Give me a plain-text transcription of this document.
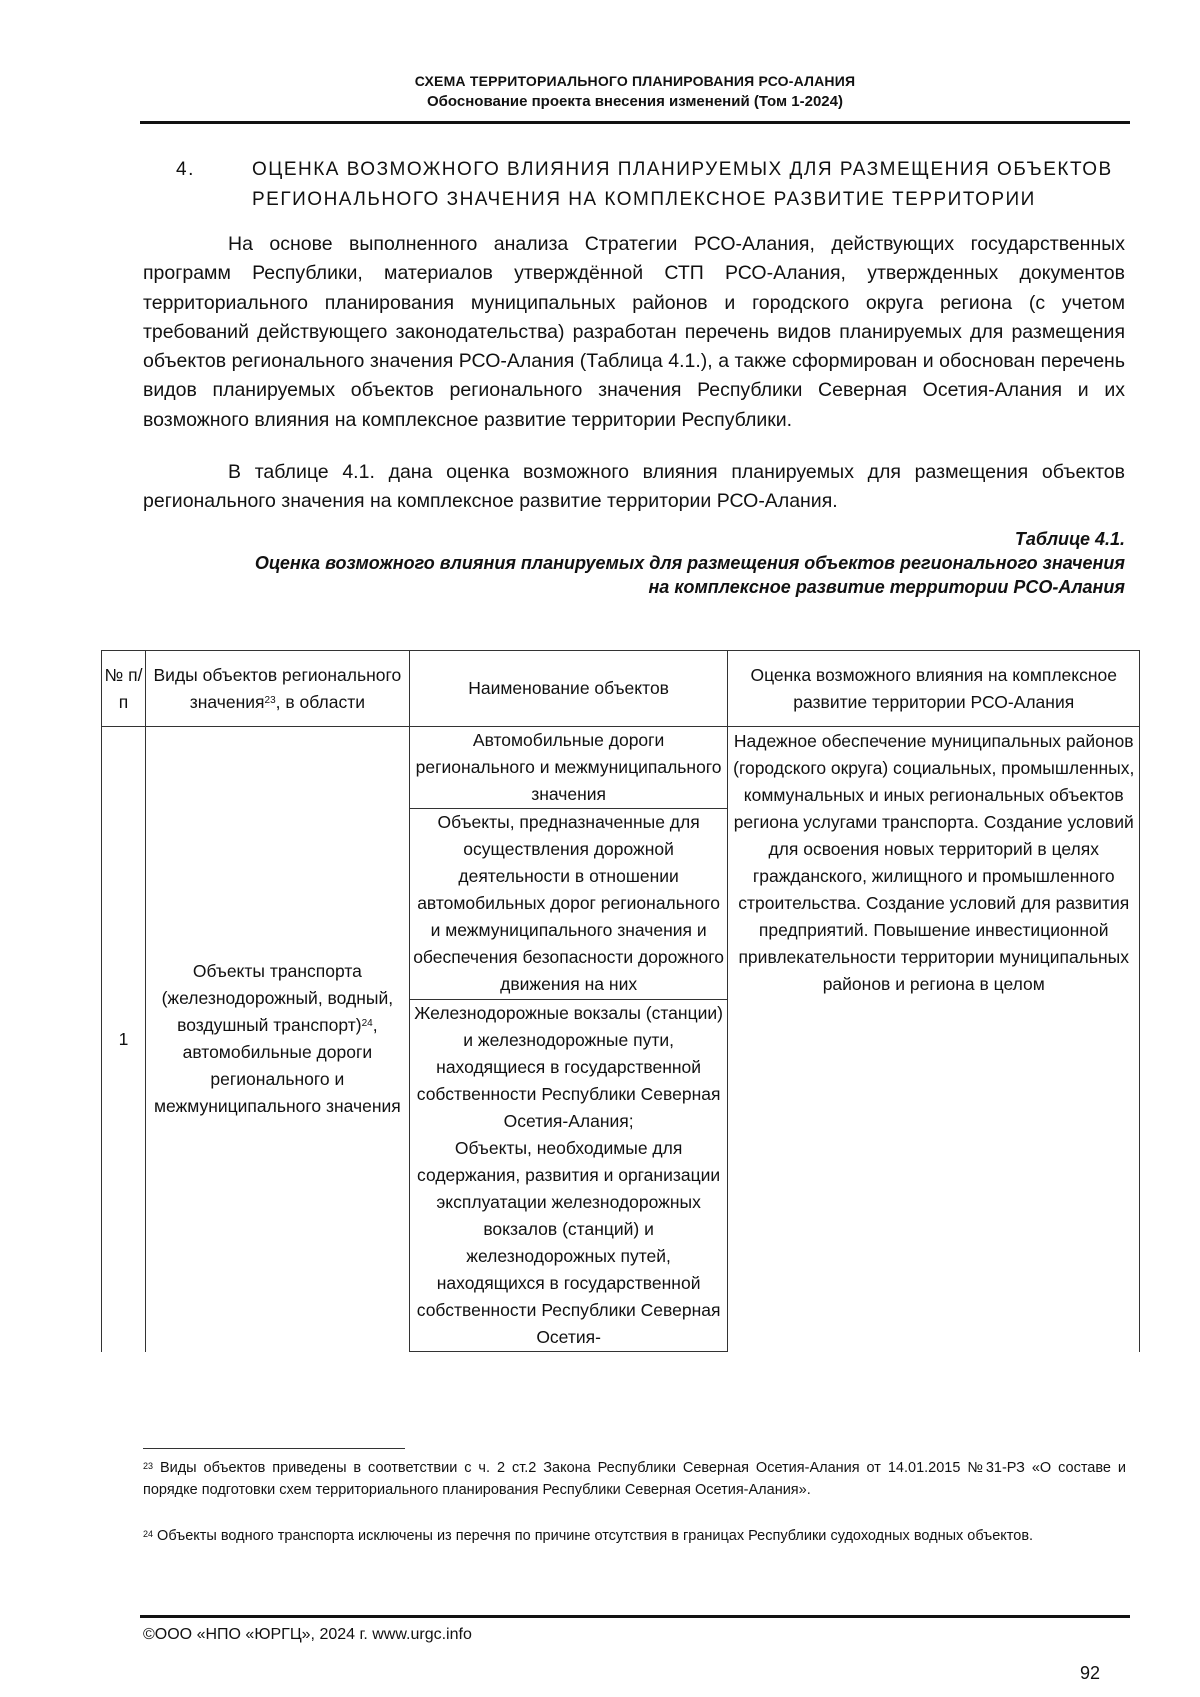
СХЕМА ТЕРРИТОРИАЛЬНОГО ПЛАНИРОВАНИЯ РСО-АЛАНИЯ
Обоснование проекта внесения изменений (Том 1-2024)
4.	ОЦЕНКА ВОЗМОЖНОГО ВЛИЯНИЯ ПЛАНИРУЕМЫХ ДЛЯ РАЗМЕЩЕНИЯ ОБЪЕКТОВ РЕГИОНАЛЬНОГО ЗНАЧЕНИЯ НА КОМПЛЕКСНОЕ РАЗВИТИЕ ТЕРРИТОРИИ

На основе выполненного анализа Стратегии РСО-Алания, действующих государственных программ Республики, материалов утверждённой СТП РСО-Алания, утвержденных документов территориального планирования муниципальных районов и городского округа региона (с учетом требований действующего законодательства) разработан перечень видов планируемых для размещения объектов регионального значения РСО-Алания (Таблица 4.1.), а также сформирован и обоснован перечень видов планируемых объектов регионального значения Республики Северная Осетия-Алания и их возможного влияния на комплексное развитие территории Республики.

В таблице 4.1. дана оценка возможного влияния планируемых для размещения объектов регионального значения на комплексное развитие территории РСО-Алания.

Таблице 4.1.
Оценка возможного влияния планируемых для размещения объектов регионального значения
на комплексное развитие территории РСО-Алания
№ п/п	Виды объектов регионального значения$^{23}$, в области	Наименование объектов	Оценка возможного влияния на комплексное развитие территории РСО-Алания
1	Объекты транспорта (железнодорожный, водный, воздушный транспорт)$^{24}$, автомобильные дороги регионального и межмуниципального значения	Автомобильные дороги регионального и межмуниципального значения	Надежное обеспечение муниципальных районов (городского округа) социальных, промышленных, коммунальных и иных региональных объектов региона услугами транспорта. Создание условий для освоения новых территорий в целях гражданского, жилищного и промышленного строительства. Создание условий для развития предприятий. Повышение инвестиционной привлекательности территории муниципальных районов и региона в целом
		Объекты, предназначенные для осуществления дорожной деятельности в отношении автомобильных дорог регионального и межмуниципального значения и обеспечения безопасности дорожного движения на них	

		Железнодорожные вокзалы (станции) и железнодорожные пути, находящиеся в государственной собственности Республики Северная Осетия-Алания;
Объекты, необходимые для содержания, развития и организации эксплуатации железнодорожных вокзалов (станций) и железнодорожных путей, находящихся в государственной собственности Республики Северная Осетия-	

$^{23}$ Виды объектов приведены в соответствии с ч. 2 ст.2 Закона Республики Северная Осетия-Алания от 14.01.2015 №31-РЗ «О составе и порядке подготовки схем территориального планирования Республики Северная Осетия-Алания».

$^{24}$ Объекты водного транспорта исключены из перечня по причине отсутствия в границах Республики судоходных водных объектов.

©ООО «НПО «ЮРГЦ», 2024 г. www.urgc.info
92
